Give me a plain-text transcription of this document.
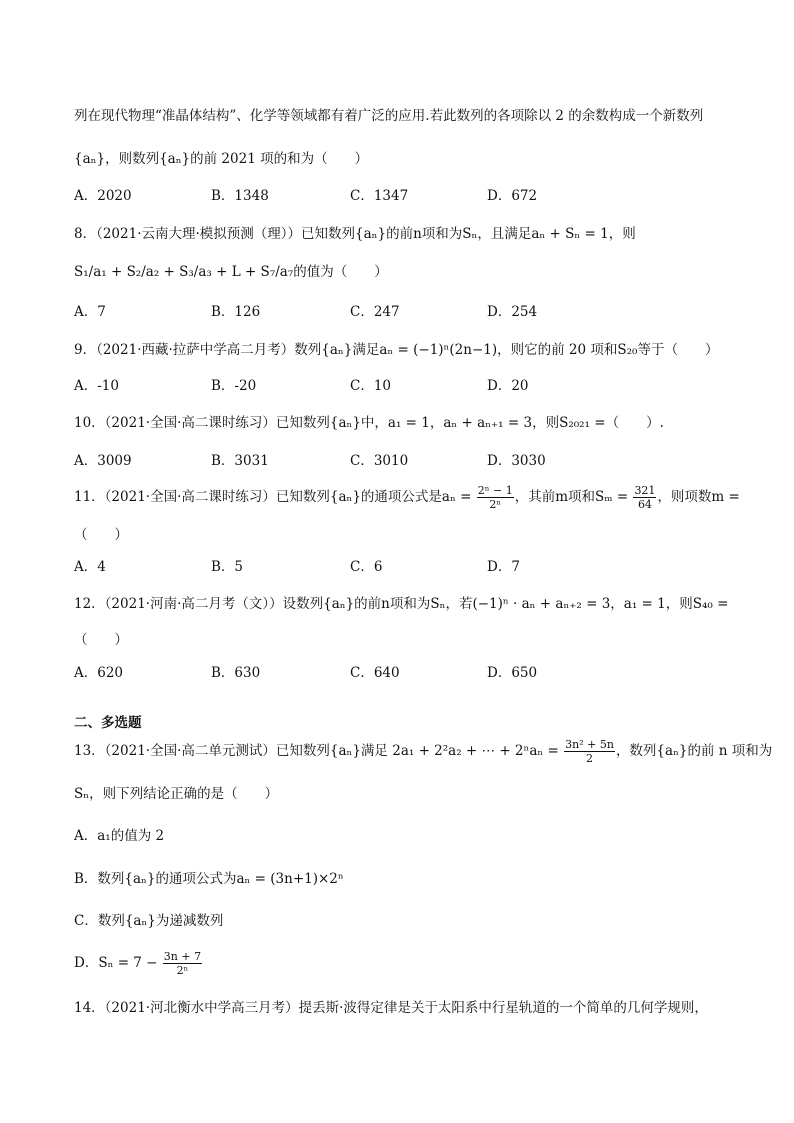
列在现代物理“准晶体结构”、化学等领域都有着广泛的应用.若此数列的各项除以 2 的余数构成一个新数列
{aₙ}，则数列{aₙ}的前 2021 项的和为（　　）
A．2020	B．1348	C．1347	D．672
8．（2021·云南大理·模拟预测（理））已知数列{aₙ}的前n项和为Sₙ，且满足aₙ + Sₙ = 1，则
S₁/a₁ + S₂/a₂ + S₃/a₃ + L + S₇/a₇的值为（　　）
A．7	B．126	C．247	D．254
9．（2021·西藏·拉萨中学高二月考）数列{aₙ}满足aₙ = (−1)ⁿ(2n−1)，则它的前 20 项和S₂₀等于（　　）
A．-10	B．-20	C．10	D．20
10．（2021·全国·高二课时练习）已知数列{aₙ}中，a₁ = 1，aₙ + aₙ₊₁ = 3，则S₂₀₂₁ =（　　）.
A．3009	B．3031	C．3010	D．3030
11．（2021·全国·高二课时练习）已知数列{aₙ}的通项公式是$a_n = \frac{\text{2ⁿ − 1}}{\text{2ⁿ}}$ ，其前m项和$S_m = \frac{321}{64}$ ，则项数m =
（　　）
A．4	B．5	C．6	D．7
12．（2021·河南·高二月考（文））设数列{aₙ}的前n项和为Sₙ，若(−1)ⁿ · aₙ + aₙ₊₂ = 3，a₁ = 1，则S₄₀ =
（　　）
A．620	B．630	C．640	D．650
二、多选题
13．（2021·全国·高二单元测试）已知数列{aₙ}满足 2a₁ + 2²a₂ + ⋯ + $2^na_n = \frac{\text{3n² + 5n}}{2}$ ，数列{aₙ}的前 n 项和为
Sₙ，则下列结论正确的是（　　）
A．a₁的值为 2
B．数列{aₙ}的通项公式为aₙ = (3n+1)×2ⁿ
C．数列{aₙ}为递减数列
D．$S_n = 7 - \frac{3n + 7}{\text{2ⁿ}}$
14．（2021·河北衡水中学高三月考）提丢斯·波得定律是关于太阳系中行星轨道的一个简单的几何学规则，
